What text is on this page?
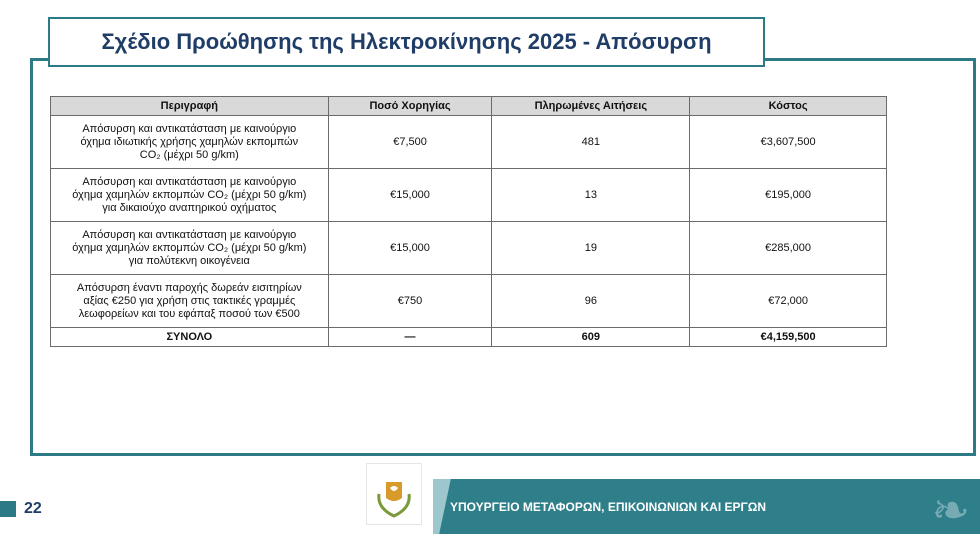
Σχέδιο Προώθησης της Ηλεκτροκίνησης 2025 - Απόσυρση
Περιγραφή	Ποσό Χορηγίας	Πληρωμένες Αιτήσεις	Κόστος

Απόσυρση και αντικατάσταση με καινούργιο
όχημα ιδιωτικής χρήσης χαμηλών εκπομπών
CO₂ (μέχρι 50 g/km)	€7,500	481	€3,607,500

Απόσυρση και αντικατάσταση με καινούργιο
όχημα χαμηλών εκπομπών CO₂ (μέχρι 50 g/km)
για δικαιούχο αναπηρικού οχήματος	€15,000	13	€195,000

Απόσυρση και αντικατάσταση με καινούργιο
όχημα χαμηλών εκπομπών CO₂ (μέχρι 50 g/km)
για πολύτεκνη οικογένεια	€15,000	19	€285,000

Απόσυρση έναντι παροχής δωρεάν εισιτηρίων
αξίας €250 για χρήση στις τακτικές γραμμές
λεωφορείων και του εφάπαξ ποσού των €500	€750	96	€72,000
ΣΥΝΟΛΟ	—	609	€4,159,500
22	ΥΠΟΥΡΓΕΙΟ ΜΕΤΑΦΟΡΩΝ, ΕΠΙΚΟΙΝΩΝΙΩΝ ΚΑΙ ΕΡΓΩΝ	❧
